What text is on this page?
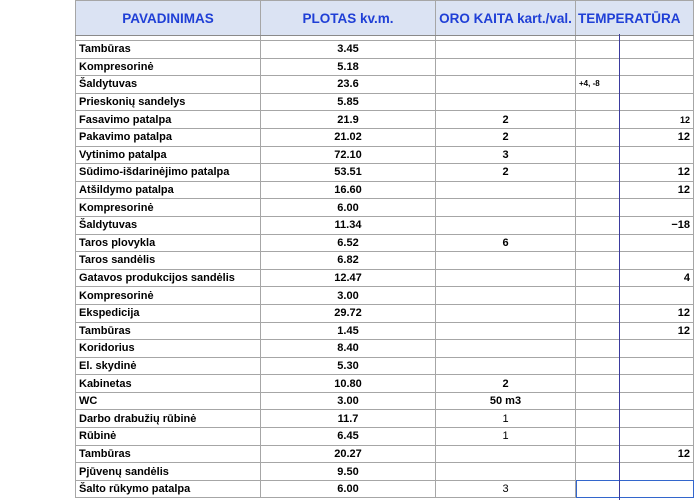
PAVADINIMAS	PLOTAS kv.m.	ORO KAITA kart./val.	TEMPERATŪRA

Tambūras	3.45		
Kompresorinė	5.18		
Šaldytuvas	23.6		+4, -8
Prieskonių sandelys	5.85		
Fasavimo patalpa	21.9	2	12
Pakavimo patalpa	21.02	2	12
Vytinimo patalpa	72.10	3	
Sūdimo-išdarinėjimo patalpa	53.51	2	12
Atšildymo patalpa	16.60		12
Kompresorinė	6.00		
Šaldytuvas	11.34		−18
Taros plovykla	6.52	6	
Taros sandėlis	6.82		
Gatavos produkcijos sandėlis	12.47		4
Kompresorinė	3.00		
Ekspedicija	29.72		12
Tambūras	1.45		12
Koridorius	8.40		
El. skydinė	5.30		
Kabinetas	10.80	2	
WC	3.00	50 m3	
Darbo drabužių rūbinė	11.7	1	
Rūbinė	6.45	1	
Tambūras	20.27		12
Pjūvenų sandėlis	9.50		
Šalto rūkymo patalpa	6.00	3	
